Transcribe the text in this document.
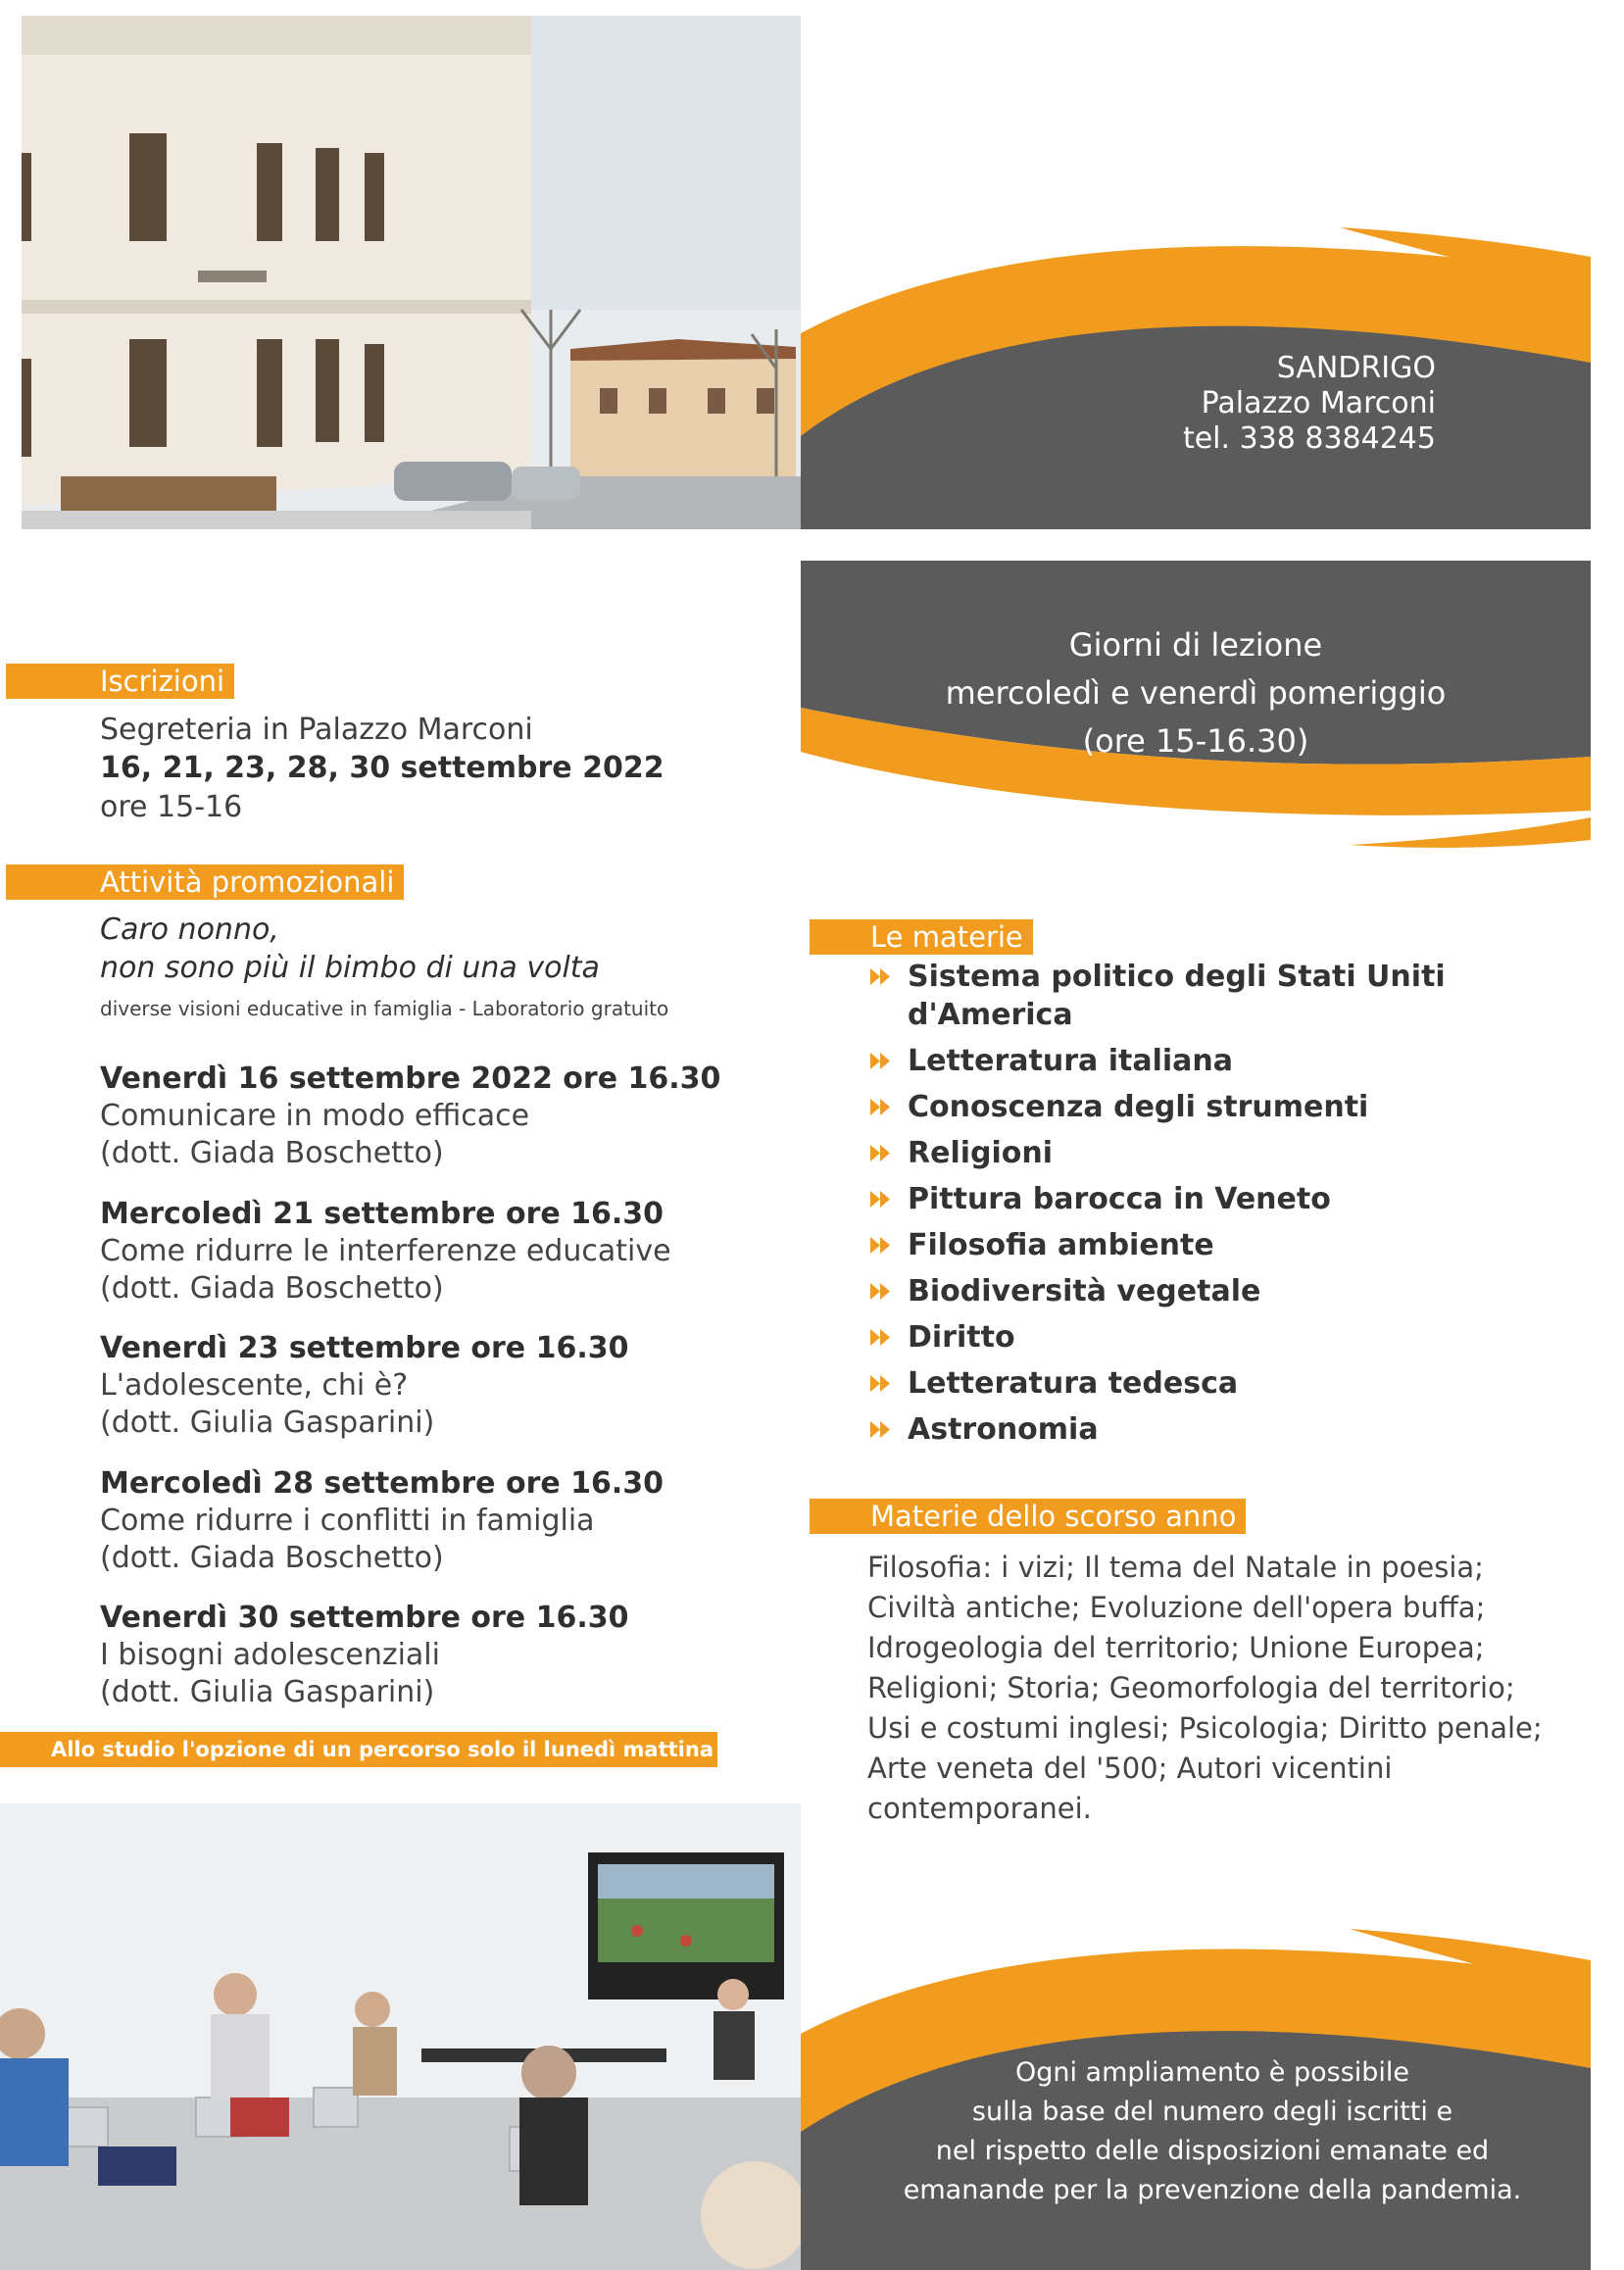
SANDRIGO
Palazzo Marconi
tel. 338 8384245
Giorni di lezione
mercoledì e venerdì pomeriggio
(ore 15-16.30)
Iscrizioni
Segreteria in Palazzo Marconi
16, 21, 23, 28, 30 settembre 2022
ore 15-16
Attività promozionali
Caro nonno,
non sono più il bimbo di una volta
diverse visioni educative in famiglia - Laboratorio gratuito
Venerdì 16 settembre 2022 ore 16.30
Comunicare in modo efficace
(dott. Giada Boschetto)
Mercoledì 21 settembre ore 16.30
Come ridurre le interferenze educative
(dott. Giada Boschetto)
Venerdì 23 settembre ore 16.30
L'adolescente, chi è?
(dott. Giulia Gasparini)
Mercoledì 28 settembre ore 16.30
Come ridurre i conflitti in famiglia
(dott. Giada Boschetto)
Venerdì 30 settembre ore 16.30
I bisogni adolescenziali
(dott. Giulia Gasparini)
Allo studio l'opzione di un percorso solo il lunedì mattina
Le materie
Sistema politico degli Stati Uniti
d'America
Letteratura italiana
Conoscenza degli strumenti
Religioni
Pittura barocca in Veneto
Filosofia ambiente
Biodiversità vegetale
Diritto
Letteratura tedesca
Astronomia
Materie dello scorso anno
Filosofia: i vizi; Il tema del Natale in poesia; Civiltà antiche; Evoluzione dell'opera buffa; Idrogeologia del territorio; Unione Europea; Religioni; Storia; Geomorfologia del territorio; Usi e costumi inglesi; Psicologia; Diritto penale; Arte veneta del '500; Autori vicentini contemporanei.
Ogni ampliamento è possibile
sulla base del numero degli iscritti e
nel rispetto delle disposizioni emanate ed
emanande per la prevenzione della pandemia.
